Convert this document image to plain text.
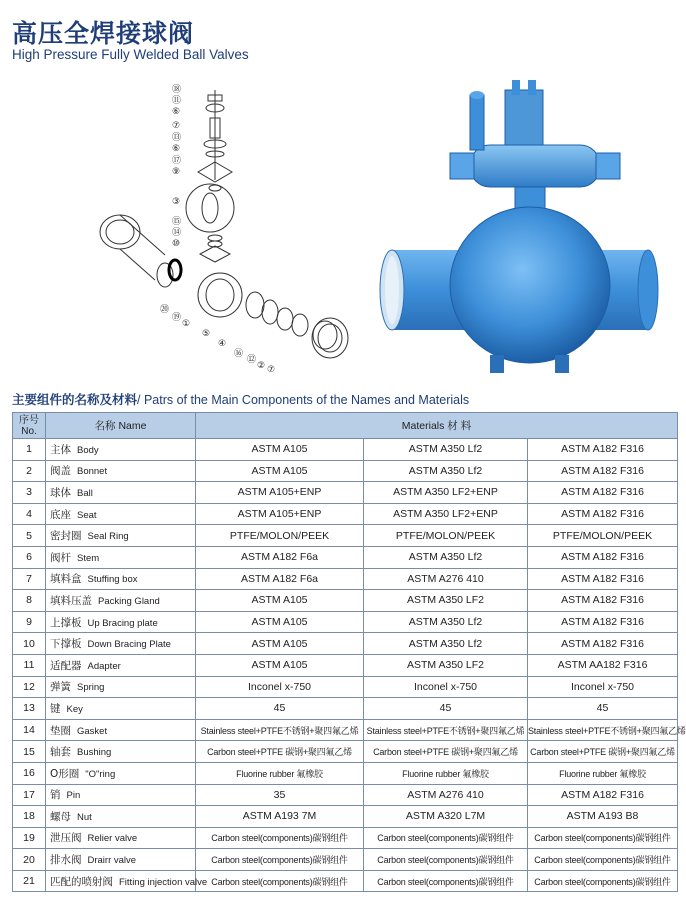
高压全焊接球阀
High Pressure Fully Welded Ball Valves
⑱
⑪
⑥
⑦
⑬
⑥
⑰
⑨
③
⑮
⑭
⑩
⑳
⑲
①
⑤
④
⑯
⑫
② ⑦
主要组件的名称及材料/ Patrs of the Main Components of the Names and Materials
序号
No.	名称 Name	Materials 材 料		
1	主体 Body	ASTM A105	ASTM A350 Lf2	ASTM A182 F316
2	阀盖 Bonnet	ASTM A105	ASTM A350 Lf2	ASTM A182 F316
3	球体 Ball	ASTM A105+ENP	ASTM A350 LF2+ENP	ASTM A182 F316
4	底座 Seat	ASTM A105+ENP	ASTM A350 LF2+ENP	ASTM A182 F316
5	密封圈 Seal Ring	PTFE/MOLON/PEEK	PTFE/MOLON/PEEK	PTFE/MOLON/PEEK
6	阀杆 Stem	ASTM A182 F6a	ASTM A350 Lf2	ASTM A182 F316
7	填料盒 Stuffing box	ASTM A182 F6a	ASTM A276 410	ASTM A182 F316
8	填料压盖 Packing Gland	ASTM A105	ASTM A350 LF2	ASTM A182 F316
9	上撑板 Up Bracing plate	ASTM A105	ASTM A350 Lf2	ASTM A182 F316
10	下撑板 Down Bracing Plate	ASTM A105	ASTM A350 Lf2	ASTM A182 F316
11	适配器 Adapter	ASTM A105	ASTM A350 LF2	ASTM AA182 F316
12	弹簧 Spring	Inconel x-750	Inconel x-750	Inconel x-750
13	键 Key	45	45	45
14	垫圈 Gasket	Stainless steel+PTFE不锈钢+聚四氟乙烯	Stainless steel+PTFE不锈钢+聚四氟乙烯	Stainless steel+PTFE不锈钢+聚四氟乙烯
15	轴套 Bushing	Carbon steel+PTFE 碳钢+聚四氟乙烯	Carbon steel+PTFE 碳钢+聚四氟乙烯	Carbon steel+PTFE 碳钢+聚四氟乙烯
16	O形圈 "O"ring	Fluorine rubber 氟橡胶	Fluorine rubber 氟橡胶	Fluorine rubber 氟橡胶
17	销 Pin	35	ASTM A276 410	ASTM A182 F316
18	螺母 Nut	ASTM A193 7M	ASTM A320 L7M	ASTM A193 B8
19	泄压阀 Relier valve	Carbon steel(components)碳钢组件	Carbon steel(components)碳钢组件	Carbon steel(components)碳钢组件
20	排水阀 Drairr valve	Carbon steel(components)碳钢组件	Carbon steel(components)碳钢组件	Carbon steel(components)碳钢组件
21	匹配的喷射阀 Fitting injection valve	Carbon steel(components)碳钢组件	Carbon steel(components)碳钢组件	Carbon steel(components)碳钢组件
